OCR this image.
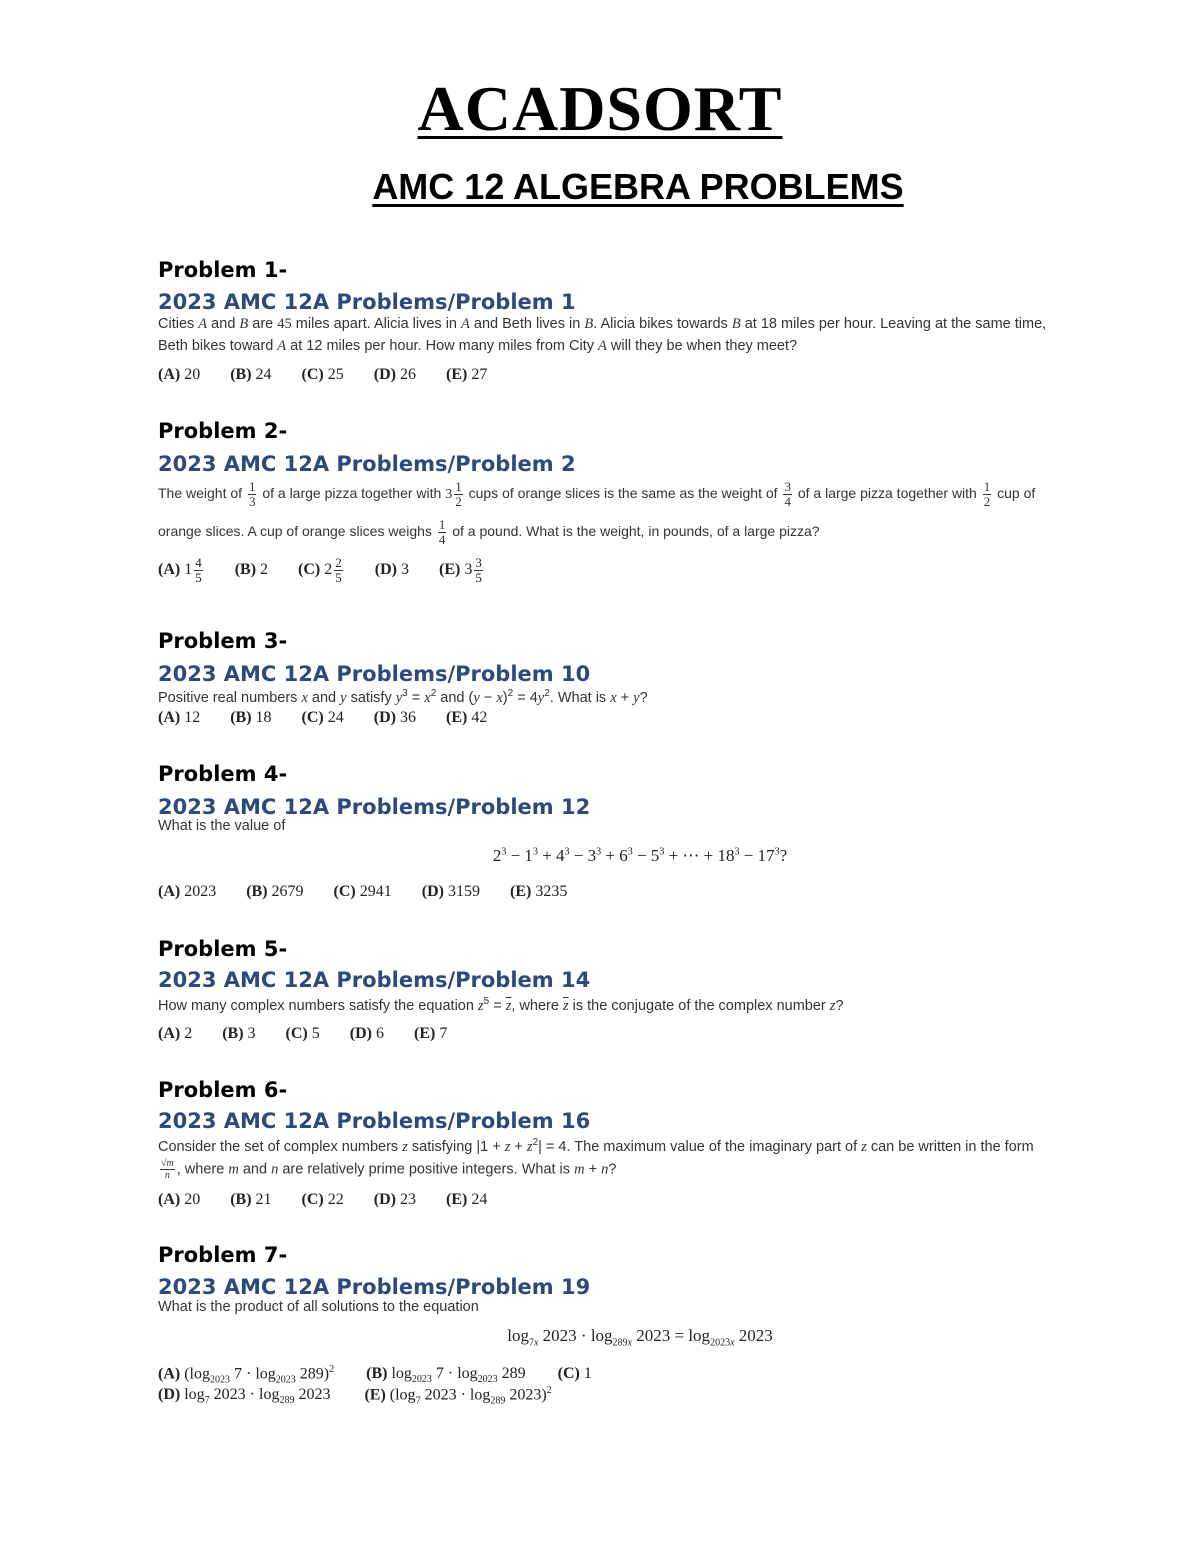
ACADSORT
AMC 12 ALGEBRA PROBLEMS
Problem 1-
2023 AMC 12A Problems/Problem 1
Cities A and B are 45 miles apart. Alicia lives in A and Beth lives in B. Alicia bikes towards B at 18 miles per hour. Leaving at the same time,
Beth bikes toward A at 12 miles per hour. How many miles from City A will they be when they meet?
(A) 20 (B) 24 (C) 25 (D) 26 (E) 27
Problem 2-
2023 AMC 12A Problems/Problem 2
The weight of $\frac{1}{3}$ of a large pizza together with $3 \frac{1}{2}$ cups of orange slices is the same as the weight of $\frac{3}{4}$ of a large pizza together with $\frac{1}{2}$ cup of
orange slices. A cup of orange slices weighs $\frac{1}{4}$ of a pound. What is the weight, in pounds, of a large pizza?
(A) $1 \frac{4}{5} (B)$ 2 (C) $2 \frac{2}{5} (D)$ 3 (E) $3 \frac{3}{5}$
Problem 3-
2023 AMC 12A Problems/Problem 10
Positive real numbers x and y satisfy $y^3 = x^2$ and $(y - x)^2 = 4y^2$. What is x + y?
(A) 12 (B) 18 (C) 24 (D) 36 (E) 42
Problem 4-
2023 AMC 12A Problems/Problem 12
What is the value of
$2^3 - 1^3 + 4^3 - 3^3 + 6^3 - 5^3$ + ⋯ + $18^3 - 17^3$?
(A) 2023 (B) 2679 (C) 2941 (D) 3159 (E) 3235
Problem 5-
2023 AMC 12A Problems/Problem 14
How many complex numbers satisfy the equation $z^5 = \overline{z}$, where $\overline{z}$ is the conjugate of the complex number z?
(A) 2 (B) 3 (C) 5 (D) 6 (E) 7
Problem 6-
2023 AMC 12A Problems/Problem 16
Consider the set of complex numbers z satisfying $|1 + z + z^2| = 4$. The maximum value of the imaginary part of z can be written in the form
$\frac{√m}{n}$ , where m and n are relatively prime positive integers. What is m + n?
(A) 20 (B) 21 (C) 22 (D) 23 (E) 24
Problem 7-
2023 AMC 12A Problems/Problem 19
What is the product of all solutions to the equation
$\log_{7x} 2023 \cdot \log_{289x} 2023 = \log_{2023x} 2023$
(A) ($\log_{2023}$ $7 \cdot \log_{2023} 289)^2$ (B) $\log_{2023} 7 \cdot \log_{2023} 289$ (C) 1
(D) $\log_7 2023 \cdot \log_{289} 2023$ (E) ($\log_7$ $2023 \cdot \log_{289} 2023)^2$
